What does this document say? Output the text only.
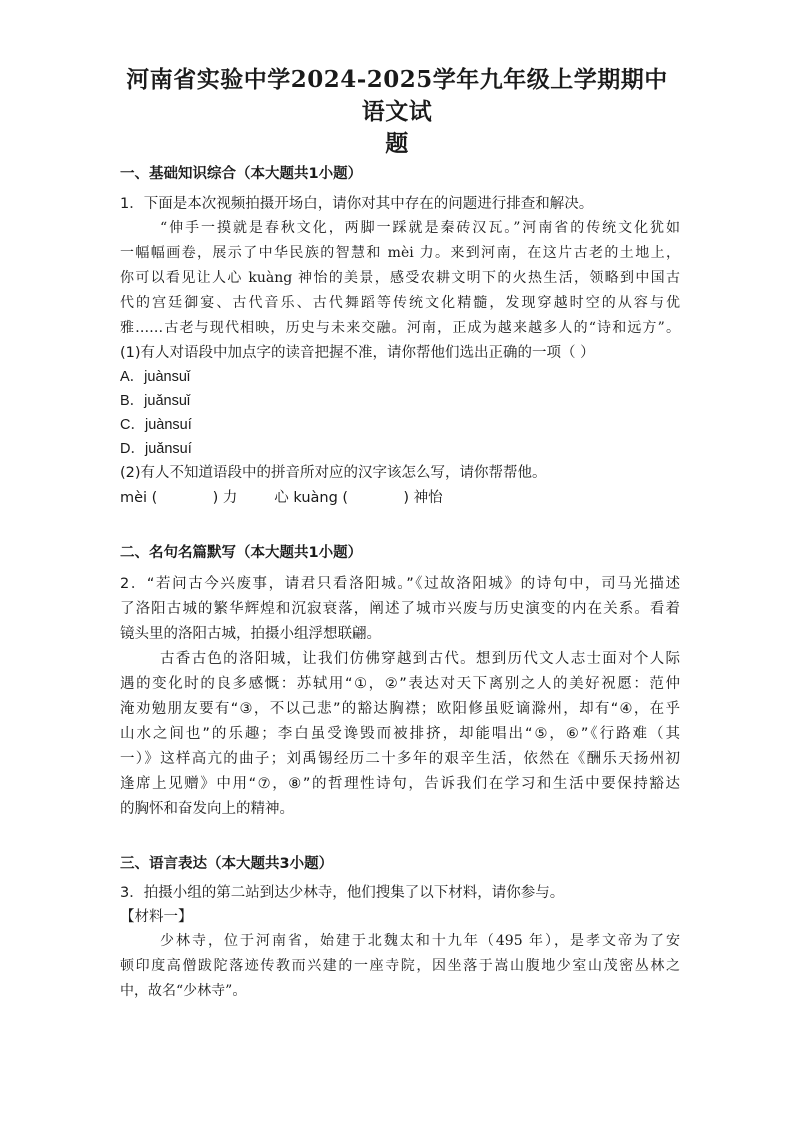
河南省实验中学2024-2025学年九年级上学期期中语文试
题
一、基础知识综合（本大题共1小题）
1．下面是本次视频拍摄开场白，请你对其中存在的问题进行排查和解决。
“伸手一摸就是春秋文化，两脚一踩就是秦砖汉瓦。”河南省的传统文化犹如
一幅幅画卷，展示了中华民族的智慧和 mèi 力。来到河南，在这片古老的土地上，
你可以看见让人心 kuàng 神怡的美景，感受农耕文明下的火热生活，领略到中国古
代的宫廷御宴、古代音乐、古代舞蹈等传统文化精髓，发现穿越时空的从容与优
雅……古老与现代相映，历史与未来交融。河南，正成为越来越多人的“诗和远方”。
(1)有人对语段中加点字的读音把握不准，请你帮他们选出正确的一项（ ）
A．juànsuǐ
B．juǎnsuǐ
C．juànsuí
D．juǎnsuí
(2)有人不知道语段中的拼音所对应的汉字该怎么写，请你帮帮他。
mèi (            ) 力        心 kuàng (            ) 神怡
二、名句名篇默写（本大题共1小题）
2．“若问古今兴废事，请君只看洛阳城。”《过故洛阳城》的诗句中，司马光描述
了洛阳古城的繁华辉煌和沉寂衰落，阐述了城市兴废与历史演变的内在关系。看着
镜头里的洛阳古城，拍摄小组浮想联翩。
古香古色的洛阳城，让我们仿佛穿越到古代。想到历代文人志士面对个人际
遇的变化时的良多感慨：苏轼用“①，②”表达对天下离别之人的美好祝愿：范仲
淹劝勉朋友要有“③，不以己悲”的豁达胸襟；欧阳修虽贬谪滁州，却有“④，在乎
山水之间也”的乐趣；李白虽受谗毁而被排挤，却能唱出“⑤，⑥”《行路难（其
一）》这样高亢的曲子；刘禹锡经历二十多年的艰辛生活，依然在《酬乐天扬州初
逢席上见赠》中用“⑦，⑧”的哲理性诗句，告诉我们在学习和生活中要保持豁达
的胸怀和奋发向上的精神。
三、语言表达（本大题共3小题）
3．拍摄小组的第二站到达少林寺，他们搜集了以下材料，请你参与。
【材料一】
少林寺，位于河南省，始建于北魏太和十九年（495 年），是孝文帝为了安
顿印度高僧跋陀落迹传教而兴建的一座寺院，因坐落于嵩山腹地少室山茂密丛林之
中，故名“少林寺”。
